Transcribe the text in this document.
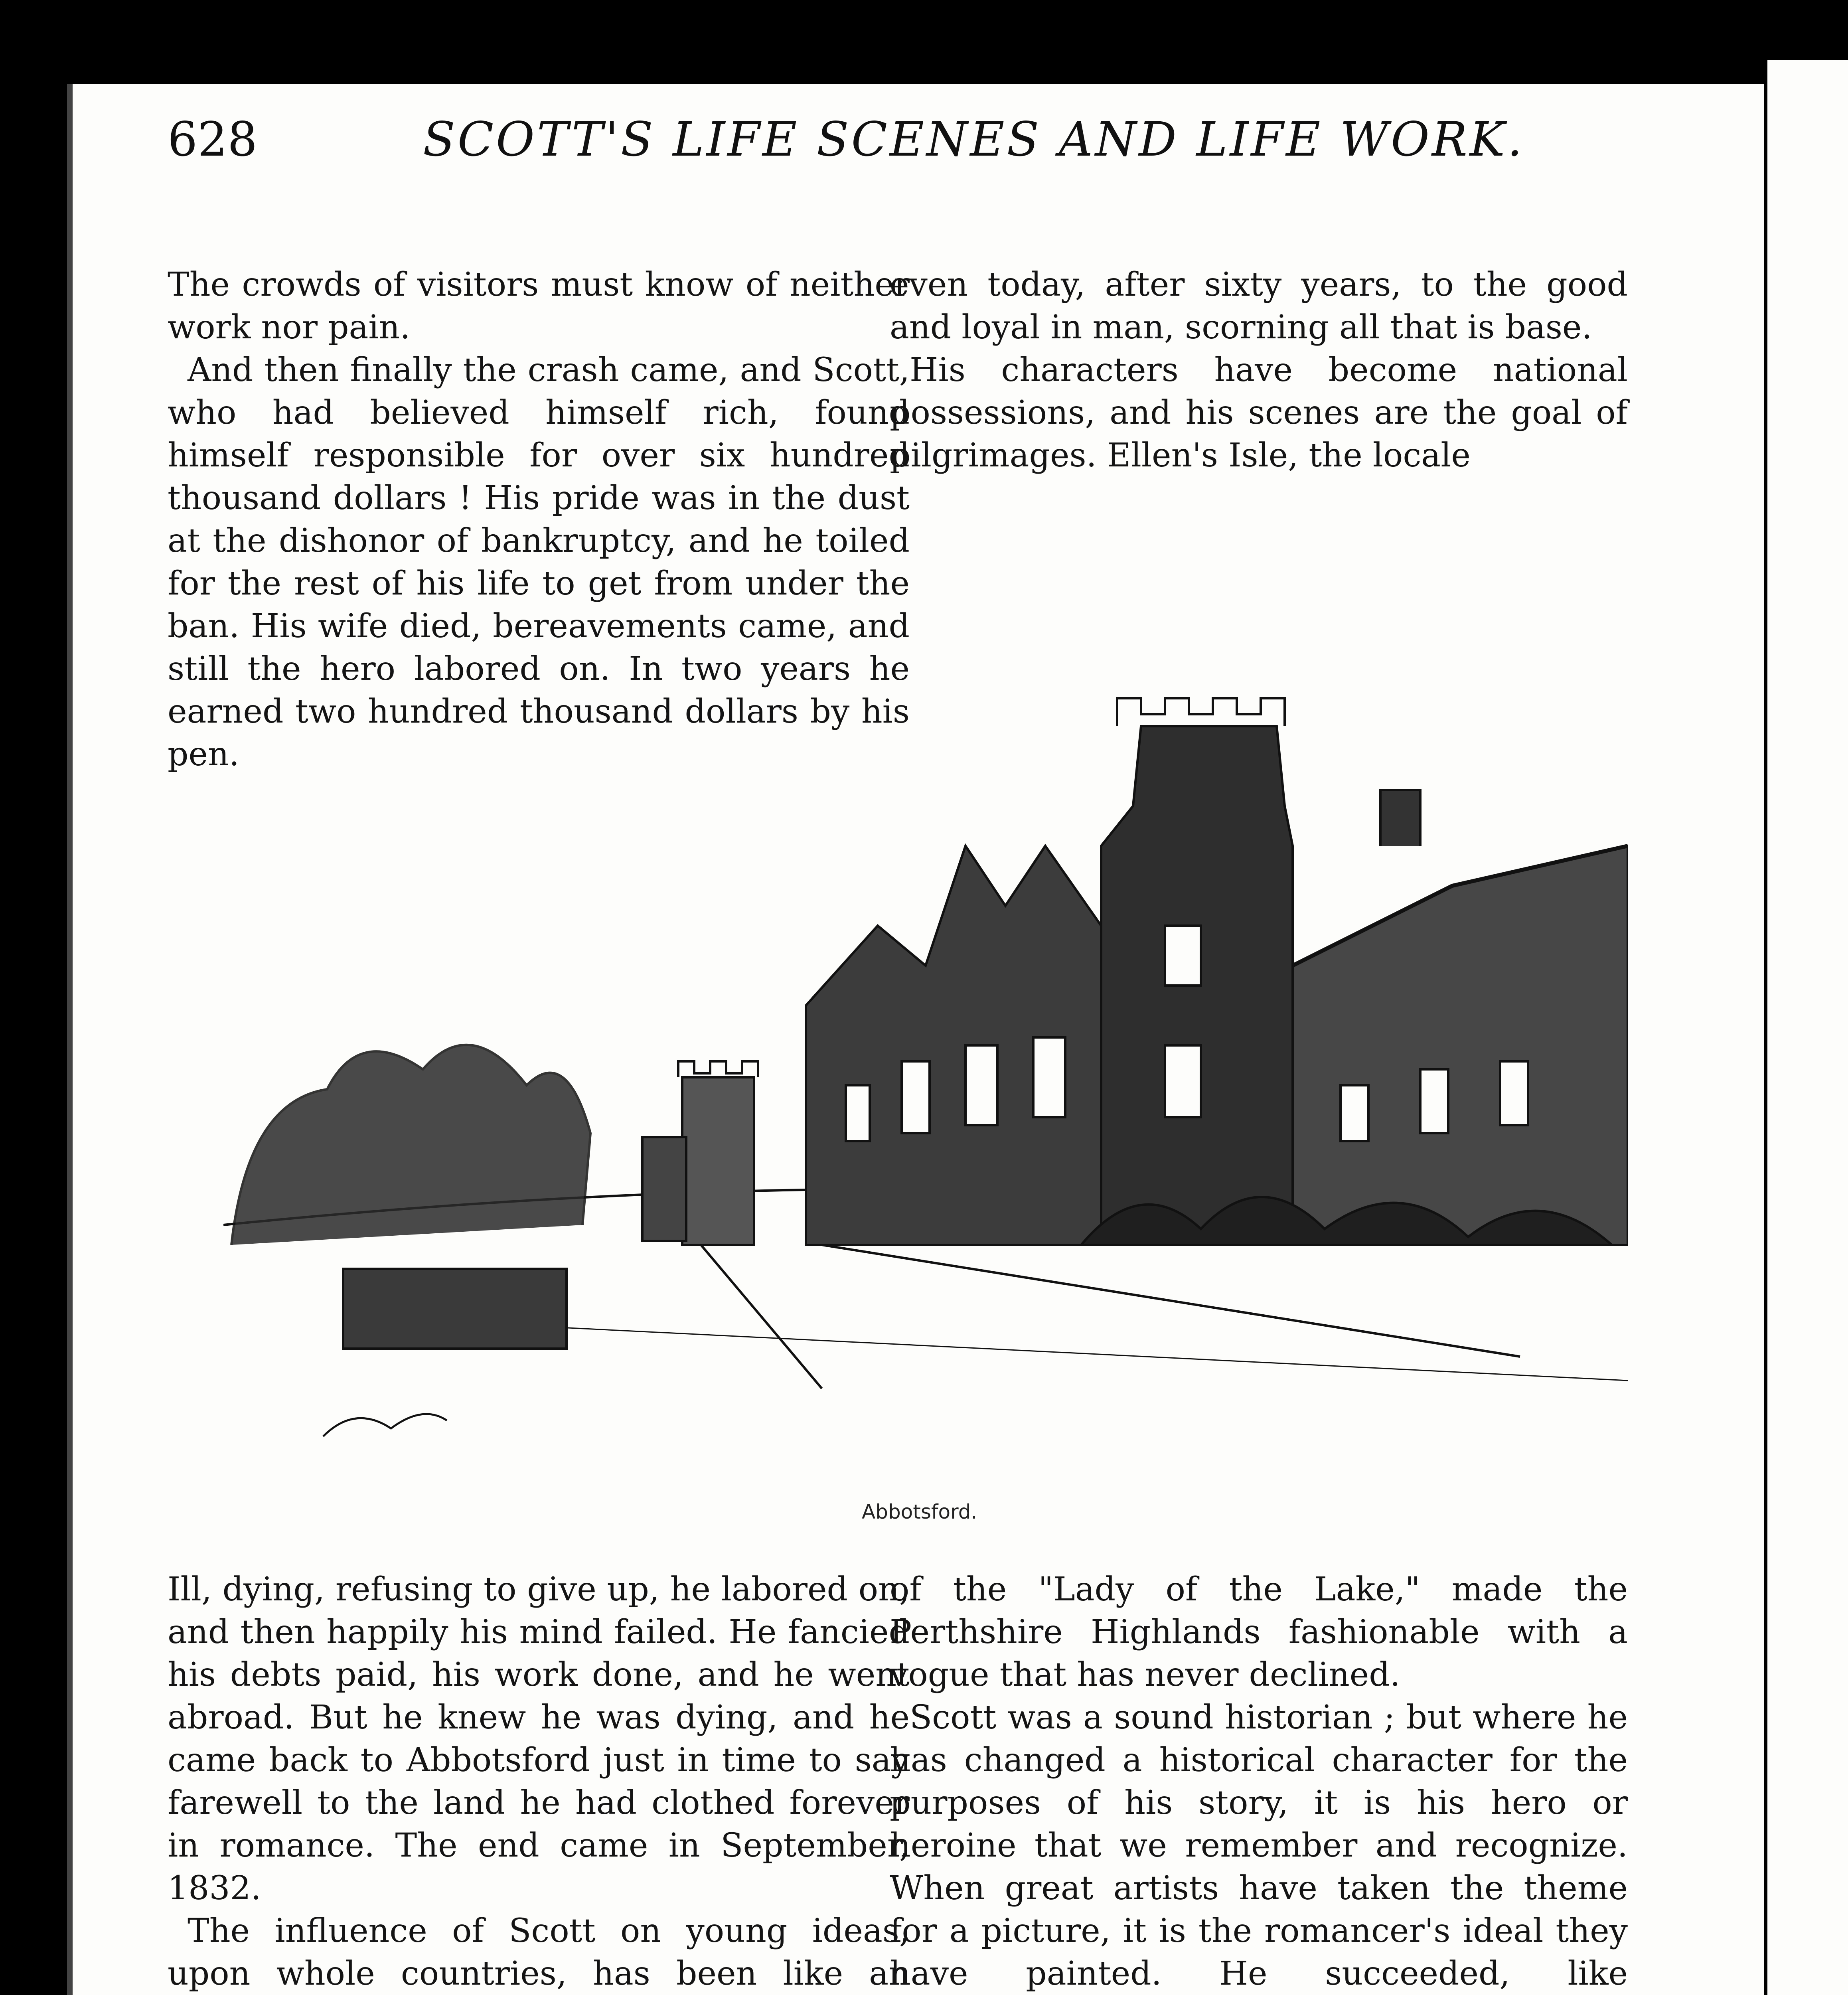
628	SCOTT'S LIFE SCENES AND LIFE WORK.

The crowds of visitors must know of neither work nor pain.

And then finally the crash came, and Scott, who had believed himself rich, found himself responsible for over six hundred thousand dollars ! His pride was in the dust at the dishonor of bankruptcy, and he toiled for the rest of his life to get from under the ban. His wife died, bereavements came, and still the hero labored on. In two years he earned two hundred thousand dollars by his pen.

even today, after sixty years, to the good and loyal in man, scorning all that is base.

His characters have become national possessions, and his scenes are the goal of pilgrimages. Ellen's Isle, the locale

Abbotsford.

Ill, dying, refusing to give up, he labored on, and then happily his mind failed. He fancied his debts paid, his work done, and he went abroad. But he knew he was dying, and he came back to Abbotsford just in time to say farewell to the land he had clothed forever in romance. The end came in September, 1832.

The influence of Scott on young ideas, upon whole countries, has been like an

of the "Lady of the Lake," made the Perthshire Highlands fashionable with a vogue that has never declined.

Scott was a sound historian ; but where he has changed a historical character for the purposes of his story, it is his hero or heroine that we remember and recognize. When great artists have taken the theme for a picture, it is the romancer's ideal they have painted. He succeeded, like
